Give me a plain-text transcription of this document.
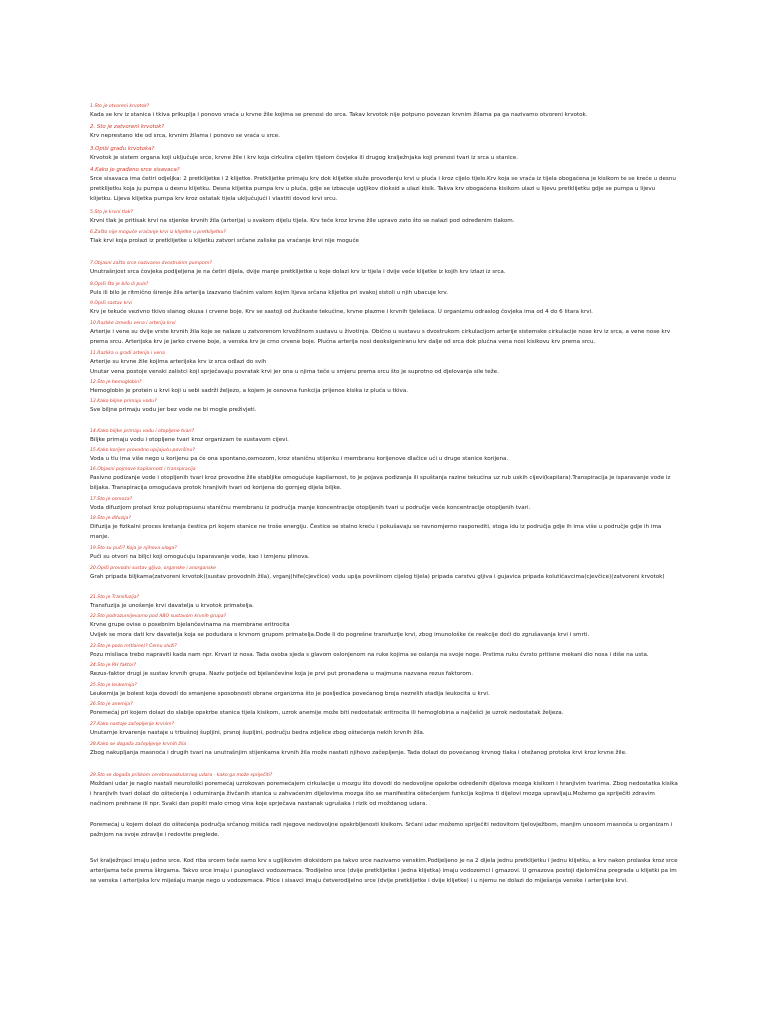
1.Što je otvoreni krvotok?
Kada se krv iz stanica i tkiva prikuplja i ponovo vraća u krvne žile kojima se prenosi do srca. Takav krvotok nije potpuno povezan krvnim žilama pa ga nazivamo otvoreni krvotok.
2. Što je zatvoreni krvotok?
Krv neprestano ide od srca, krvnim žilama i ponovo se vraća u srce.
3.Opiši građu krvotoka?
Krvotok je sistem organa koji uključuje srce, krvne žile i krv koja cirkulira cijelim tijelom čovjeka ili drugog kralježnjaka koji prenosi tvari iz srca u stanice.
4.Kako je građeno srce sisavaca?
Srce sisavaca ima četiri odjeljka: 2 pretklijetke i 2 klijetke. Pretklijetke primaju krv dok klijetke služe provođenju krvi u pluća i kroz cijelo tijelo.Krv koja se vraća iz tijela obogaćena je kisikom te se kreće u desnu pretklijetku koja ju pumpa u desnu klijetku. Desna klijetka pumpa krv u pluća, gdje se izbacuje ugljikov dioksid a ulazi kisik. Takva krv obogaćena kisikom ulazi u lijevu pretklijetku gdje se pumpa u lijevu klijetku. Lijeva klijetka pumpa krv kroz ostatak tijela uključujući i vlastiti dovod krvi srcu.
5.Što je krvni tlak?
Krvni tlak je pritisak krvi na stjenke krvnih žila (arterija) u svakom dijelu tijela. Krv teče kroz krvne žile upravo zato što se nalazi pod određenim tlakom.
6.Zašto nije moguće vraćanje krvi iz klijetke u pretklijetku?
Tlak krvi koja prolazi iz pretklijetke u klijetku zatvori srčane zaliske pa vraćanje krvi nije moguće
7.Objasni zašto srce nazivamo dvostrukim pumpom?
Unutrašnjost srca čovjeka podijeljena je na četiri dijela, dvije manje pretklijetke u koje dolazi krv iz tijela i dvije veće klijetke iz kojih krv izlazi iz srca.
8.Opiši što je bilo ili puls?
Puls ili bilo je ritmično širenje žila arterija izazvano tlačnim valom kojim lijeva srčana klijetka pri svakoj sistoli u njih ubacuje krv.
9.Opiši sastav krvi
Krv je tekuće vezivno tkivo slanog okusa i crvene boje. Krv se sastoji od žućkaste tekućine, krvne plazme i krvnih tjelešaca. U organizmu odraslog čovjeka ima od 4 do 6 litara krvi.
10.Razlike između vena i arterija krvi
Arterije i vene su dvije vrste krvnih žila koje se nalaze u zatvorenom krvožilnom sustavu u životinja. Obično u sustavu s dvostrukom cirkulacijom arterije sistemske cirkulacije nose krv iz srca, a vene nose krv prema srcu. Arterijska krv je jarko crvene boje, a venska krv je crno crvene boje. Plućna arterija nosi deoksigeniranu krv dalje od srca dok plućna vena nosi kisikovu krv prema srcu.
11.Razlika u građi arterija i vena
Arterije su krvne žile kojima arterijska krv iz srca odlazi do svih
Unutar vena postoje venski zalistci koji sprječavaju povratak krvi jer ona u njima teče u smjeru prema srcu što je suprotno od djelovanja sile teže.
12.Što je hemoglobin?
Hemoglobin je protein u krvi koji u sebi sadrži željezo, a kojem je osnovna funkcija prijenos kisika iz pluća u tkiva.
13.Kako biljne primaju vodu?
Sve biljne primaju vodu jer bez vode ne bi mogle preživjeti.
14.Kako biljke primaju vodu i otopljene tvari?
Biljke primaju vodu i otopljene tvari kroz organizam te sustavom cijevi.
15.Kako korijen provodno upijajuću površinu?
Voda u tlu ima više nego u korijenu pa će ona spontano,osmozom, kroz staničnu stijenku i membranu korijenove dlačice ući u druge stanice korijena.
16.Objasni pojmove kapilarnost i transpiracija
Pasivno podizanje vode i otopljenih tvari kroz provodne žile stabljike omogućuje kapilarnost, to je pojava podizanja ili spuštanja razine tekućina uz rub uskih cijevi(kapilara).Transpiracija je isparavanje vode iz biljaka. Transpiracija omogućava protok hranjivih tvari od korijena do gornjeg dijela biljke.
17.Što je osmoza?
Voda difuzijom prolazi kroz polupropusnu staničnu membranu iz područja manje koncentracije otopljenih tvari u područje veće koncentracije otopljenih tvari.
18.Što je difuzija?
Difuzija je fizikalni proces kretanja čestica pri kojem stanice ne troše energiju. Čestice se stalno kreću i pokušavaju se ravnomjerno rasporediti, stoga idu iz područja gdje ih ima više u područje gdje ih ima manje.
19.Što su puči? Koja je njihova uloga?
Puči su otvori na biljci koji omogućuju isparavanje vode, kao i izmjenu plinova.
20.Opiši provodni sustav gljiva, organske i anorganske
Grah pripada biljkama(zatvoreni krvotok)(sustav provodnih žila), vrganj(hife(cjevčice) vodu upija površinom cijelog tijela) pripada carstvu gljiva i gujavica pripada kolutićavcima(cjevčice)(zatvoreni krvotok)
21.Što je Transfuzija?
Transfuzija je unošenje krvi davatelja u krvotok primatelja.
22.Što podrazumijevamo pod ABO sustavom krvnih grupa?
Krvne grupe ovise o posebnim bjelančevinama na membrane eritrocita
Uvijek se mora dati krv davatelja koja se podudara s krvnom grupom primatelja.Dođe li do pogrešne transfuzije krvi, zbog imunološke će reakcije doći do zgrušavanja krvi i smrti.
23.Što je pozo m(tlaine)? Čemu služi?
Pozu misliaca trebo napraviti kada nam npr. Krvari iz nosa. Tada osoba sjeda s glavom oslonjenom na ruke kojima se oslanja na svoje noge. Prstima ruku čvrsto pritisne mekani dio nosa i diše na usta.
24.Što je RH faktor?
Rezus-faktor drugi je sustav krvnih grupa. Naziv potječe od bjelančevine koja je prvi put pronađena u majmuna nazvana rezus faktorom.
25.Što je leukemija?
Leukemija je bolest koja dovodi do smanjene sposobnosti obrane organizma što je posljedica povećanog broja nezrelih stadija leukocita u krvi.
26.Što je anemija?
Poremećaj pri kojem dolazi do slabije opskrbe stanica tijela kisikom, uzrok anemije može biti nedostatak eritrocita ili hemoglobina a najčešći je uzrok nedostatak željeza.
27.Kako nastaje začepljenje krvnim?
Unutarnje krvarenje nastaje u trbušnoj šupljini, prsnoj šupljini, području bedra zdjelice zbog oštećenja nekih krvnih žila.
28.Kako se događa začepljenje krvnih žila
Zbog nakupljanja masnoća i drugih tvari na unutrašnjim stijenkama krvnih žila može nastati njihovo začepljenje. Tada dolazi do povećanog krvnog tlaka i otežanog protoka krvi kroz krvne žile.
29.Što se događa prilikom cerebrovaskularnog udara - kako ga može spriječiti?
Moždani udar je naglo nastali neurološki poremećaj uzrokovan poremećajem cirkulacije u mozgu što dovodi do nedovoljne opskrbe određenih dijelova mozga kisikom i hranjivim tvarima. Zbog nedostatka kisika i hranjivih tvari dolazi do oštećenja i odumiranja živčanih stanica u zahvaćenim dijelovima mozga što se manifestira oštećenjem funkcija kojima ti dijelovi mozga upravljaju.Možemo ga spriječiti zdravim načinom prehrane ili npr. Svaki dan popiti malo crnog vina koje sprječava nastanak ugrušaka i rizik od moždanog udara.
Poremećaj u kojem dolazi do oštećenja područja srčanog mišića radi njegove nedovoljne opskrbljenosti kisikom. Srčani udar možemo spriječiti redovitom tjelovježbom, manjim unosom masnoća u organizam i pažnjom na svoje zdravlje i redovite preglede.
Svi kralježnjaci imaju jedno srce. Kod riba srcem teče samo krv s ugljikovim dioksidom pa takvo srce nazivamo venskim.Podijeljeno je na 2 dijela jednu pretklijetku i jednu klijetku, a krv nakon prolaska kroz srce arterijama teče prema škrgama. Takvo srce imaju i punoglavci vodozemaca. Trodijelno srce (dvije pretklijetke i jedna klijetka) imaju vodozemci i gmazovi. U gmazova postoji djelomična pregrada u klijetki pa im se venska i arterijska krv miješaju manje nego u vodozemaca. Ptice i sisavci imaju četverodijelno srce (dvije pretklijetke i dvije klijetke) i u njemu ne dolazi do miješanja venske i arterijske krvi.
